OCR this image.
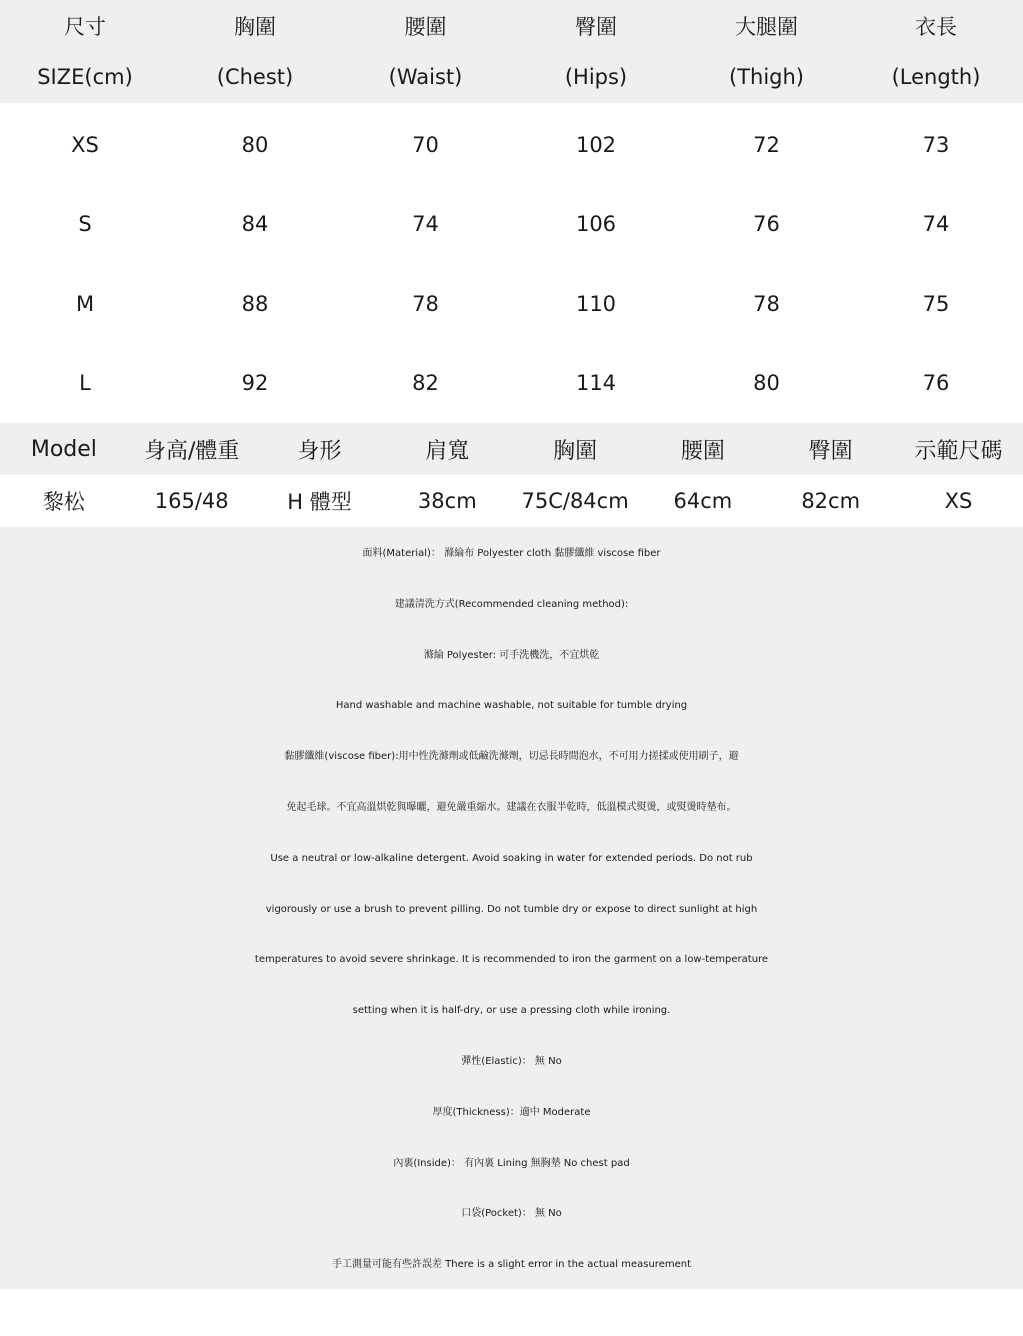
尺寸	胸圍	腰圍	臀圍	大腿圍	衣長
SIZE(cm)	(Chest)	(Waist)	(Hips)	(Thigh)	(Length)
XS	80	70	102	72	73
S	84	74	106	76	74
M	88	78	110	78	75
L	92	82	114	80	76
Model	身高/體重	身形	肩寬	胸圍	腰圍	臀圍	示範尺碼
黎松	165/48	H 體型	38cm	75C/84cm	64cm	82cm	XS
面料(Material)： 滌綸布 Polyester cloth 黏膠纖維 viscose fiber
建議清洗方式(Recommended cleaning method):
滌綸 Polyester: 可手洗機洗，不宜烘乾
Hand washable and machine washable, not suitable for tumble drying
黏膠纖維(viscose fiber):用中性洗滌劑或低鹼洗滌劑，切忌長時間泡水，不可用力搓揉或使用刷子，避
免起毛球。不宜高溫烘乾與曝曬，避免嚴重縮水。建議在衣服半乾時，低溫模式熨燙，或熨燙時墊布。
Use a neutral or low-alkaline detergent. Avoid soaking in water for extended periods. Do not rub
vigorously or use a brush to prevent pilling. Do not tumble dry or expose to direct sunlight at high
temperatures to avoid severe shrinkage. It is recommended to iron the garment on a low-temperature
setting when it is half-dry, or use a pressing cloth while ironing.
彈性(Elastic)： 無 No
厚度(Thickness)：適中 Moderate
內裏(Inside)： 有內裏 Lining 無胸墊 No chest pad
口袋(Pocket)： 無 No
手工測量可能有些許誤差 There is a slight error in the actual measurement
